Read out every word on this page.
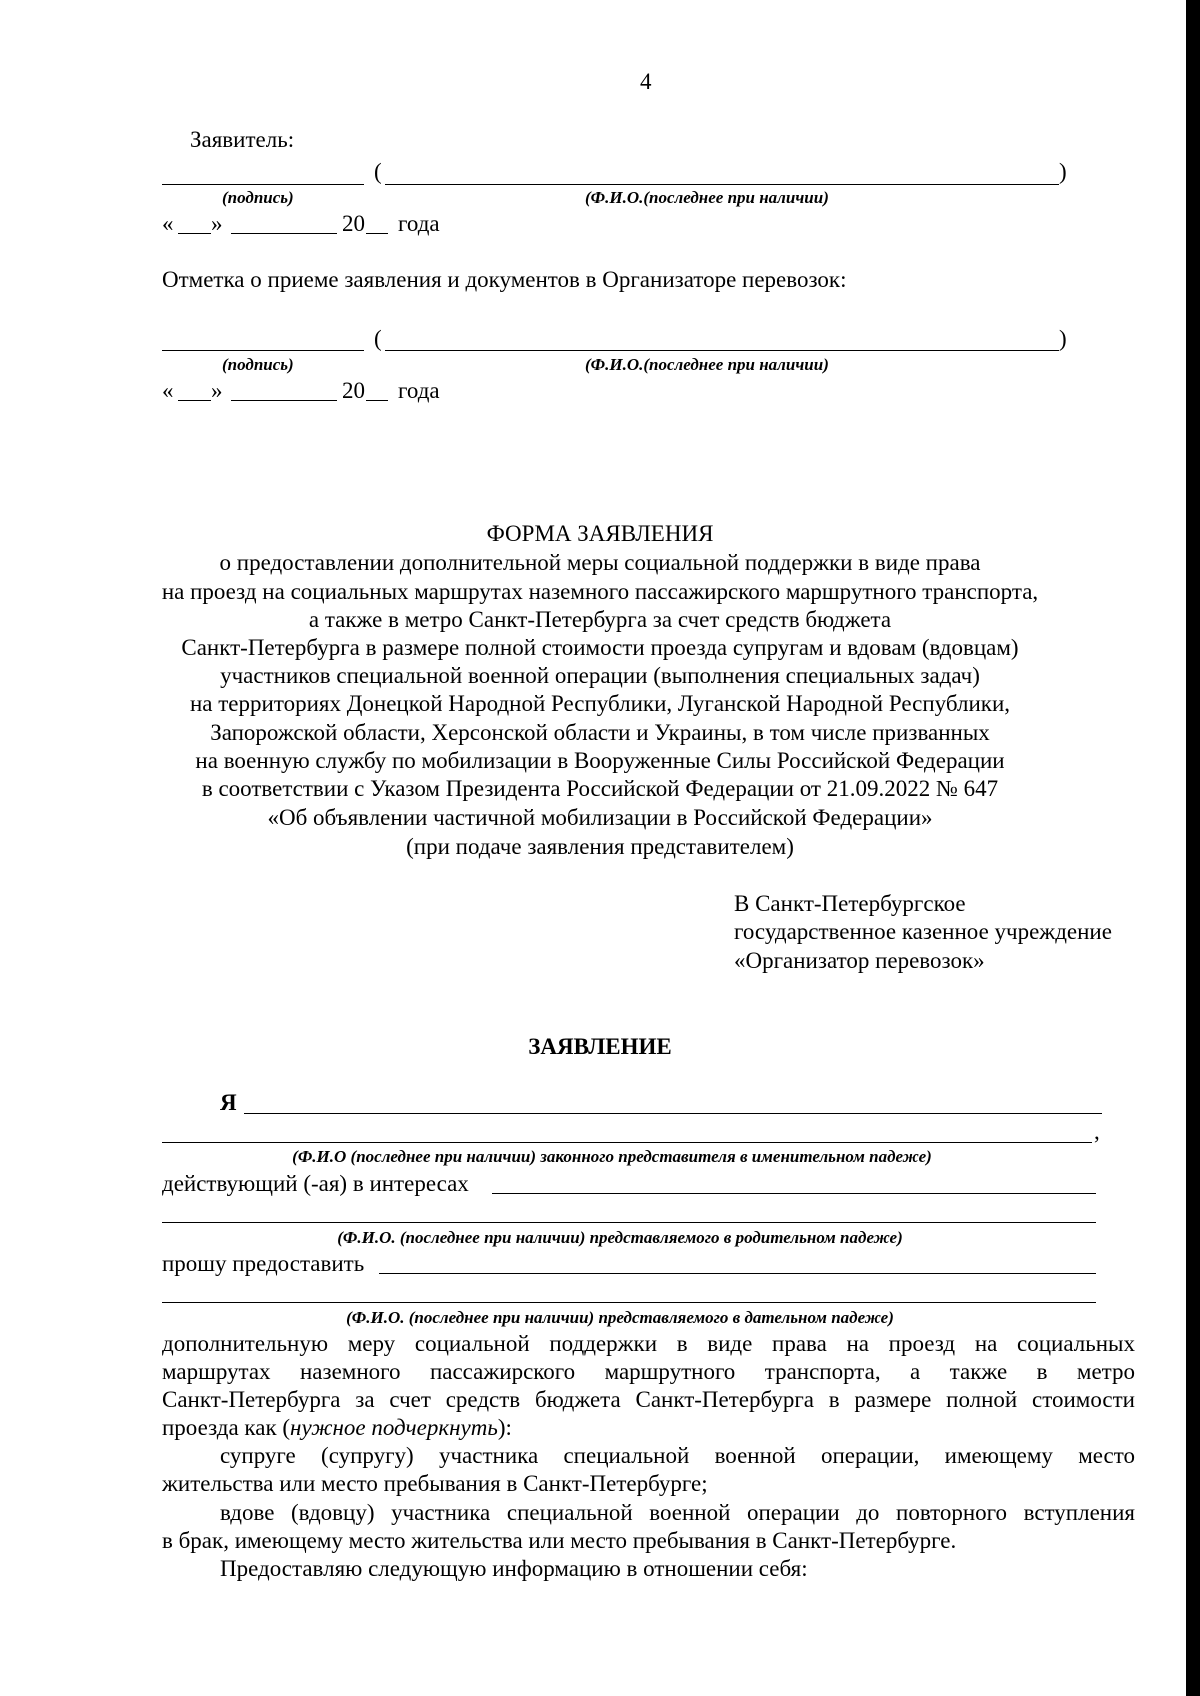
4
Заявитель:
(	)
(подпись)	(Ф.И.О.(последнее при наличии)
« »	20 года
Отметка о приеме заявления и документов в Организаторе перевозок:
(	)
(подпись)	(Ф.И.О.(последнее при наличии)
« »	20 года
ФОРМА ЗАЯВЛЕНИЯ
о предоставлении дополнительной меры социальной поддержки в виде права
на проезд на социальных маршрутах наземного пассажирского маршрутного транспорта,
а также в метро Санкт-Петербурга за счет средств бюджета
Санкт-Петербурга в размере полной стоимости проезда супругам и вдовам (вдовцам)
участников специальной военной операции (выполнения специальных задач)
на территориях Донецкой Народной Республики, Луганской Народной Республики,
Запорожской области, Херсонской области и Украины, в том числе призванных
на военную службу по мобилизации в Вооруженные Силы Российской Федерации
в соответствии с Указом Президента Российской Федерации от 21.09.2022 № 647
«Об объявлении частичной мобилизации в Российской Федерации»
(при подаче заявления представителем)
В Санкт-Петербургское
государственное казенное учреждение
«Организатор перевозок»
ЗАЯВЛЕНИЕ
Я
,
(Ф.И.О (последнее при наличии) законного представителя в именительном падеже)
действующий (-ая) в интересах
(Ф.И.О. (последнее при наличии) представляемого в родительном падеже)
прошу предоставить
(Ф.И.О. (последнее при наличии) представляемого в дательном падеже)
дополнительную меру социальной поддержки в виде права на проезд на социальных
маршрутах наземного пассажирского маршрутного транспорта, а также в метро
Санкт-Петербурга за счет средств бюджета Санкт-Петербурга в размере полной стоимости
проезда как (нужное подчеркнуть):
супруге (супругу) участника специальной военной операции, имеющему место
жительства или место пребывания в Санкт-Петербурге;
вдове (вдовцу) участника специальной военной операции до повторного вступления
в брак, имеющему место жительства или место пребывания в Санкт-Петербурге.
Предоставляю следующую информацию в отношении себя:
